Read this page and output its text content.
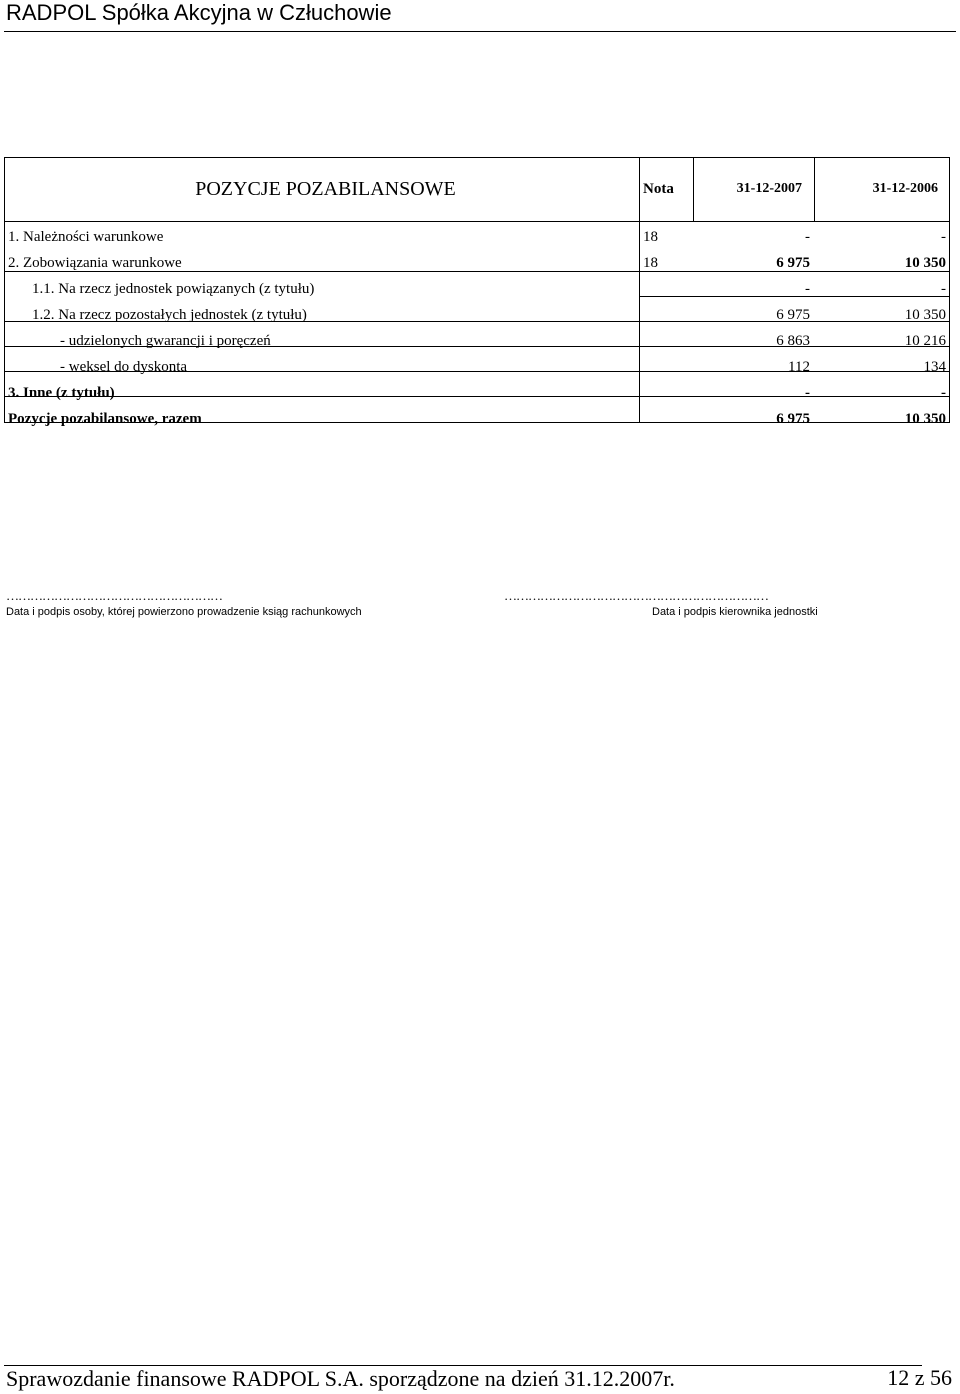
RADPOL Spółka Akcyjna w Człuchowie
POZYCJE POZABILANSOWE	Nota	31-12-2007	31-12-2006
1. Należności warunkowe	18	-	-
2. Zobowiązania warunkowe	18	6 975	10 350
1.1. Na rzecz jednostek powiązanych (z tytułu)		-	-
1.2. Na rzecz pozostałych jednostek (z tytułu)		6 975	10 350
- udzielonych gwarancji i poręczeń		6 863	10 216
- weksel do dyskonta		112	134
3. Inne (z tytułu)		-	-
Pozycje pozabilansowe, razem		6 975	10 350
………………………………………………
Data i podpis osoby, której powierzono prowadzenie ksiąg rachunkowych
…………………………………………………………
Data i podpis kierownika jednostki
Sprawozdanie finansowe RADPOL S.A. sporządzone na dzień 31.12.2007r.	12 z 56
